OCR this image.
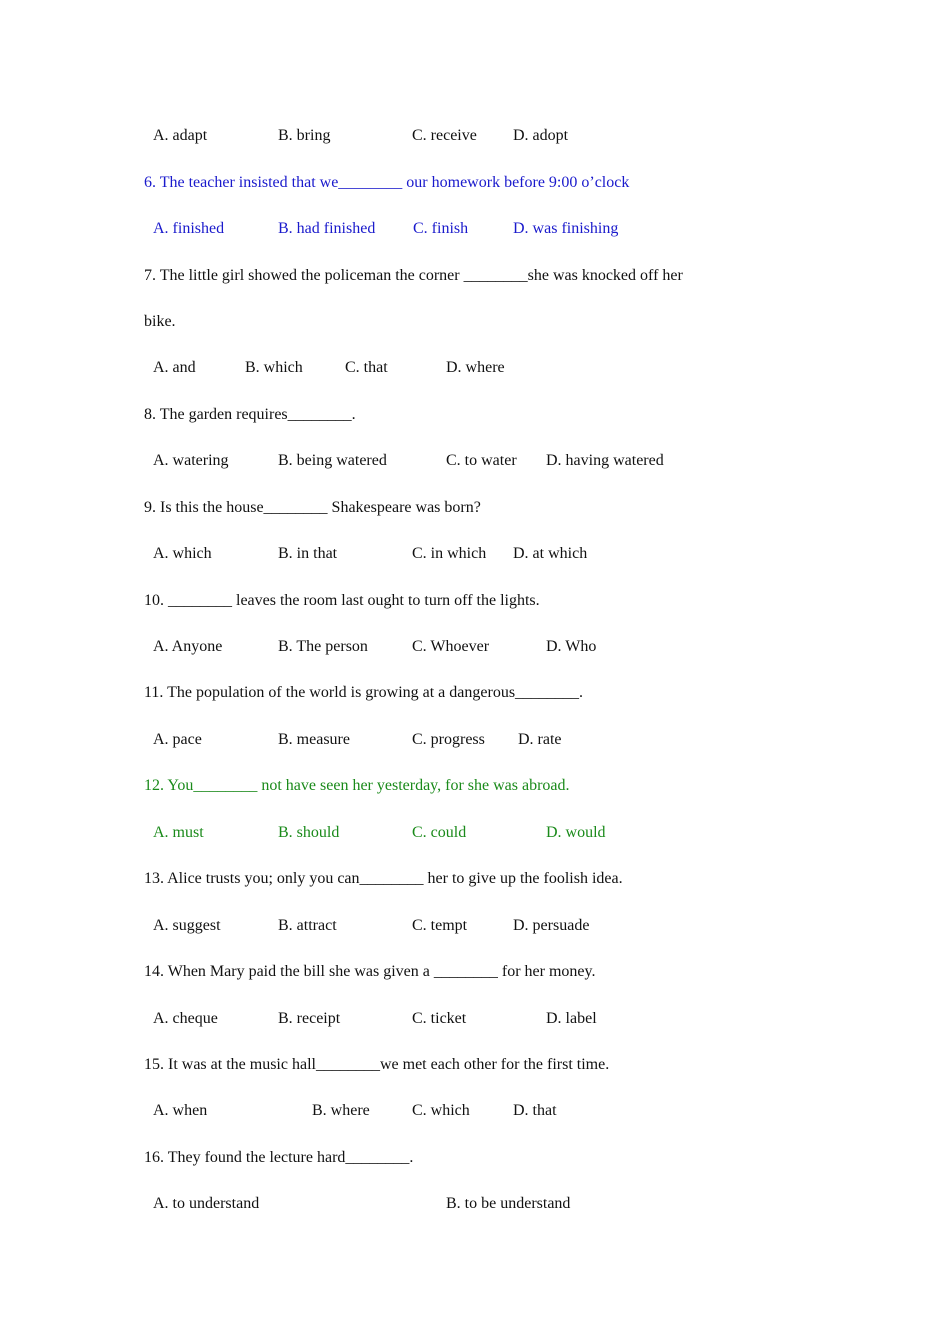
A. adapt	B. bring	C. receive D. adopt
6. The teacher insisted that we________ our homework before 9:00 o’clock
A. finished	B. had finished C. finish	D. was finishing
7. The little girl showed the policeman the corner ________she was knocked off her
bike.
A. and	B. which	C. that	D. where
8. The garden requires________.
A. watering	B. being watered	C. to water D. having watered
9. Is this the house________ Shakespeare was born?
A. which	B. in that	C. in which D. at which
10. ________ leaves the room last ought to turn off the lights.
A. Anyone	B. The person	C. Whoever	D. Who
11. The population of the world is growing at a dangerous________.
A. pace	B. measure	C. progress D. rate
12. You________ not have seen her yesterday, for she was abroad.
A. must	B. should	C. could	D. would
13. Alice trusts you; only you can________ her to give up the foolish idea.
A. suggest	B. attract	C. tempt	D. persuade
14. When Mary paid the bill she was given a ________ for her money.
A. cheque	B. receipt	C. ticket	D. label
15. It was at the music hall________we met each other for the first time.
A. when	B. where	C. which	D. that
16. They found the lecture hard________.
A. to understand	B. to be understand
